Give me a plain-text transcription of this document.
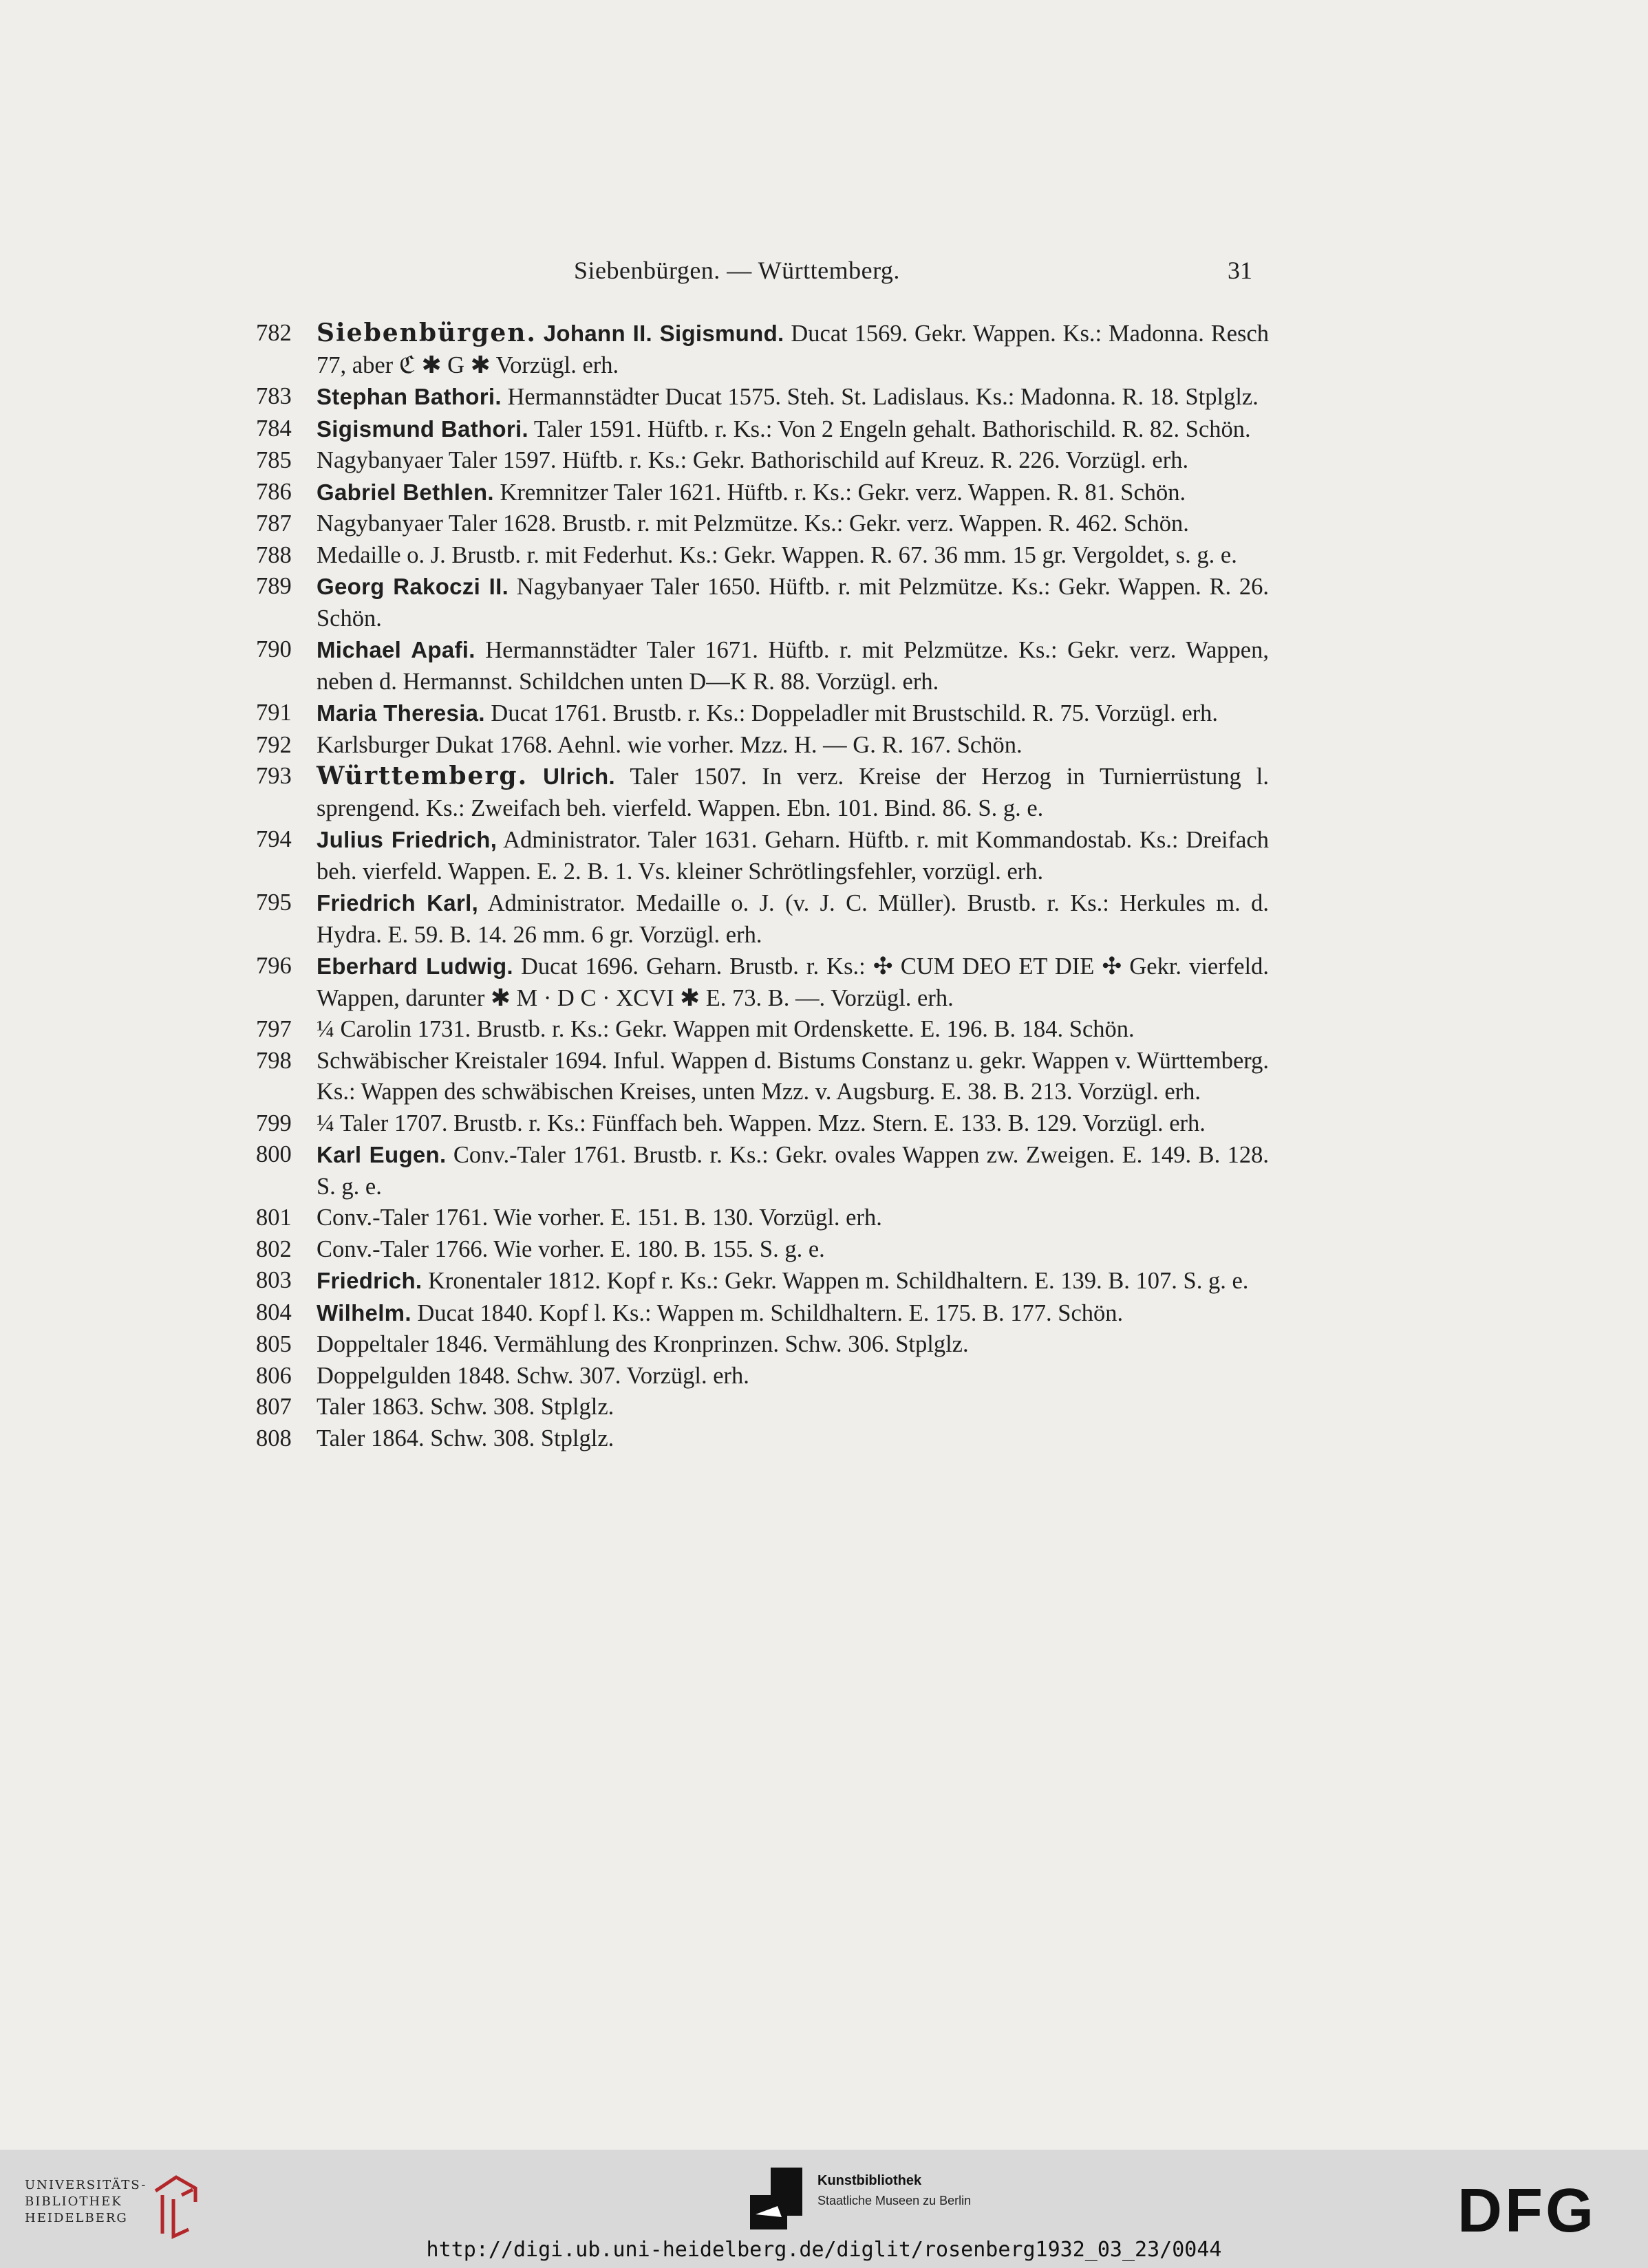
Siebenbürgen. — Württemberg.	31
782	Siebenbürgen. Johann II. Sigismund. Ducat 1569. Gekr. Wappen. Ks.: Madonna. Resch 77, aber ℭ ✱ G ✱ Vorzügl. erh.
783	Stephan Bathori. Hermannstädter Ducat 1575. Steh. St. Ladislaus. Ks.: Madonna. R. 18. Stplglz.
784	Sigismund Bathori. Taler 1591. Hüftb. r. Ks.: Von 2 Engeln gehalt. Bathorischild. R. 82. Schön.
785	Nagybanyaer Taler 1597. Hüftb. r. Ks.: Gekr. Bathorischild auf Kreuz. R. 226. Vorzügl. erh.
786	Gabriel Bethlen. Kremnitzer Taler 1621. Hüftb. r. Ks.: Gekr. verz. Wappen. R. 81. Schön.
787	Nagybanyaer Taler 1628. Brustb. r. mit Pelzmütze. Ks.: Gekr. verz. Wappen. R. 462. Schön.
788	Medaille o. J. Brustb. r. mit Federhut. Ks.: Gekr. Wappen. R. 67. 36 mm. 15 gr. Vergoldet, s. g. e.
789	Georg Rakoczi II. Nagybanyaer Taler 1650. Hüftb. r. mit Pelzmütze. Ks.: Gekr. Wappen. R. 26. Schön.
790	Michael Apafi. Hermannstädter Taler 1671. Hüftb. r. mit Pelzmütze. Ks.: Gekr. verz. Wappen, neben d. Hermannst. Schildchen unten D—K R. 88. Vorzügl. erh.
791	Maria Theresia. Ducat 1761. Brustb. r. Ks.: Doppeladler mit Brustschild. R. 75. Vorzügl. erh.
792	Karlsburger Dukat 1768. Aehnl. wie vorher. Mzz. H. — G. R. 167. Schön.
793	Württemberg. Ulrich. Taler 1507. In verz. Kreise der Herzog in Turnierrüstung l. sprengend. Ks.: Zweifach beh. vierfeld. Wappen. Ebn. 101. Bind. 86. S. g. e.
794	Julius Friedrich, Administrator. Taler 1631. Geharn. Hüftb. r. mit Kommandostab. Ks.: Dreifach beh. vierfeld. Wappen. E. 2. B. 1. Vs. kleiner Schrötlingsfehler, vorzügl. erh.
795	Friedrich Karl, Administrator. Medaille o. J. (v. J. C. Müller). Brustb. r. Ks.: Herkules m. d. Hydra. E. 59. B. 14. 26 mm. 6 gr. Vorzügl. erh.
796	Eberhard Ludwig. Ducat 1696. Geharn. Brustb. r. Ks.: ✣ CUM DEO ET DIE ✣ Gekr. vierfeld. Wappen, darunter ✱ M · D C · XCVI ✱ E. 73. B. —. Vorzügl. erh.
797	¼ Carolin 1731. Brustb. r. Ks.: Gekr. Wappen mit Ordenskette. E. 196. B. 184. Schön.
798	Schwäbischer Kreistaler 1694. Inful. Wappen d. Bistums Constanz u. gekr. Wappen v. Württemberg. Ks.: Wappen des schwäbischen Kreises, unten Mzz. v. Augsburg. E. 38. B. 213. Vorzügl. erh.
799	¼ Taler 1707. Brustb. r. Ks.: Fünffach beh. Wappen. Mzz. Stern. E. 133. B. 129. Vorzügl. erh.
800	Karl Eugen. Conv.-Taler 1761. Brustb. r. Ks.: Gekr. ovales Wappen zw. Zweigen. E. 149. B. 128. S. g. e.
801	Conv.-Taler 1761. Wie vorher. E. 151. B. 130. Vorzügl. erh.
802	Conv.-Taler 1766. Wie vorher. E. 180. B. 155. S. g. e.
803	Friedrich. Kronentaler 1812. Kopf r. Ks.: Gekr. Wappen m. Schildhaltern. E. 139. B. 107. S. g. e.
804	Wilhelm. Ducat 1840. Kopf l. Ks.: Wappen m. Schildhaltern. E. 175. B. 177. Schön.
805	Doppeltaler 1846. Vermählung des Kronprinzen. Schw. 306. Stplglz.
806	Doppelgulden 1848. Schw. 307. Vorzügl. erh.
807	Taler 1863. Schw. 308. Stplglz.
808	Taler 1864. Schw. 308. Stplglz.
UNIVERSITÄTS-
BIBLIOTHEK
HEIDELBERG
Kunstbibliothek
Staatliche Museen zu Berlin	DFG
http://digi.ub.uni-heidelberg.de/diglit/rosenberg1932_03_23/0044
